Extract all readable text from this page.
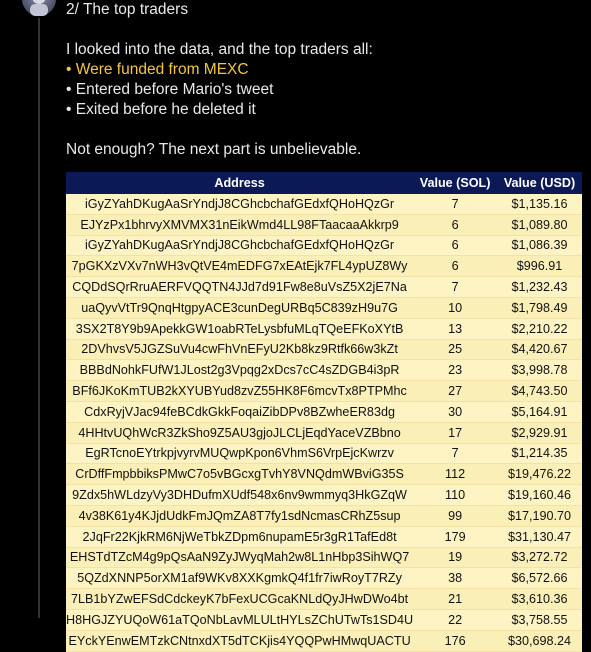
2/ The top traders
I looked into the data, and the top traders all:
• Were funded from MEXC
• Entered before Mario's tweet
• Exited before he deleted it
Not enough? The next part is unbelievable.
Address	Value (SOL)	Value (USD)
iGyZYahDKugAaSrYndjJ8CGhcbchafGEdxfQHoHQzGr	7	$1,135.16
EJYzPx1bhrvyXMVMX31nEikWmd4LL98FTaacaaAkkrp9	6	$1,089.80
iGyZYahDKugAaSrYndjJ8CGhcbchafGEdxfQHoHQzGr	6	$1,086.39
7pGKXzVXv7nWH3vQtVE4mEDFG7xEAtEjk7FL4ypUZ8Wy	6	$996.91
CQDdSQrRruAERFVQQTN4JJd7d91Fw8e8uVsZ5X2jE7Na	7	$1,232.43
uaQyvVtTr9QnqHtgpyACE3cunDegURBq5C839zH9u7G	10	$1,798.49
3SX2T8Y9b9ApekkGW1oabRTeLysbfuMLqTQeEFKoXYtB	13	$2,210.22
2DVhvsV5JGZSuVu4cwFhVnEFyU2Kb8kz9Rtfk66w3kZt	25	$4,420.67
BBBdNohkFUfW1JLost2g3Vpqg2xDcs7cC4sZDGB4i3pR	23	$3,998.78
BFf6JKoKmTUB2kXYUBYud8zvZ55HK8F6mcvTx8PTPMhc	27	$4,743.50
CdxRyjVJac94feBCdkGkkFoqaiZibDPv8BZwheER83dg	30	$5,164.91
4HHtvUQhWcR3ZkSho9Z5AU3gjoJLCLjEqdYaceVZBbno	17	$2,929.91
EgRTcnoEYtrkpjvyrvMUQwpKpon6VhmS6VrpEjcKwrzv	7	$1,214.35
CrDffFmpbbiksPMwC7o5vBGcxgTvhY8VNQdmWBviG35S	112	$19,476.22
9Zdx5hWLdzyVy3DHDufmXUdf548x6nv9wmmyq3HkGZqW	110	$19,160.46
4v38K61y4KJjdUdkFmJQmZA8T7fy1sdNcmasCRhZ5sup	99	$17,190.70
2JqFr22KjkRM6NjWeTbkZDpm6nupamE5r3gR1TafEd8t	179	$31,130.47
EHSTdTZcM4g9pQsAaN9ZyJWyqMah2w8L1nHbp3SihWQ7	19	$3,272.72
5QZdXNNP5orXM1af9WKv8XXKgmkQ4f1fr7iwRoyT7RZy	38	$6,572.66
7LB1bYZwEFSdCdckeyK7bFexUCGcaKNLdQyJHwDWo4bt	21	$3,610.36
H8HGJZYUQoW61aTQoNbLavMLULtHYLsZChUTwTs1SD4U	22	$3,758.55
EYckYEnwEMTzkCNtnxdXT5dTCKjis4YQQPwHMwqUACTU	176	$30,698.24
